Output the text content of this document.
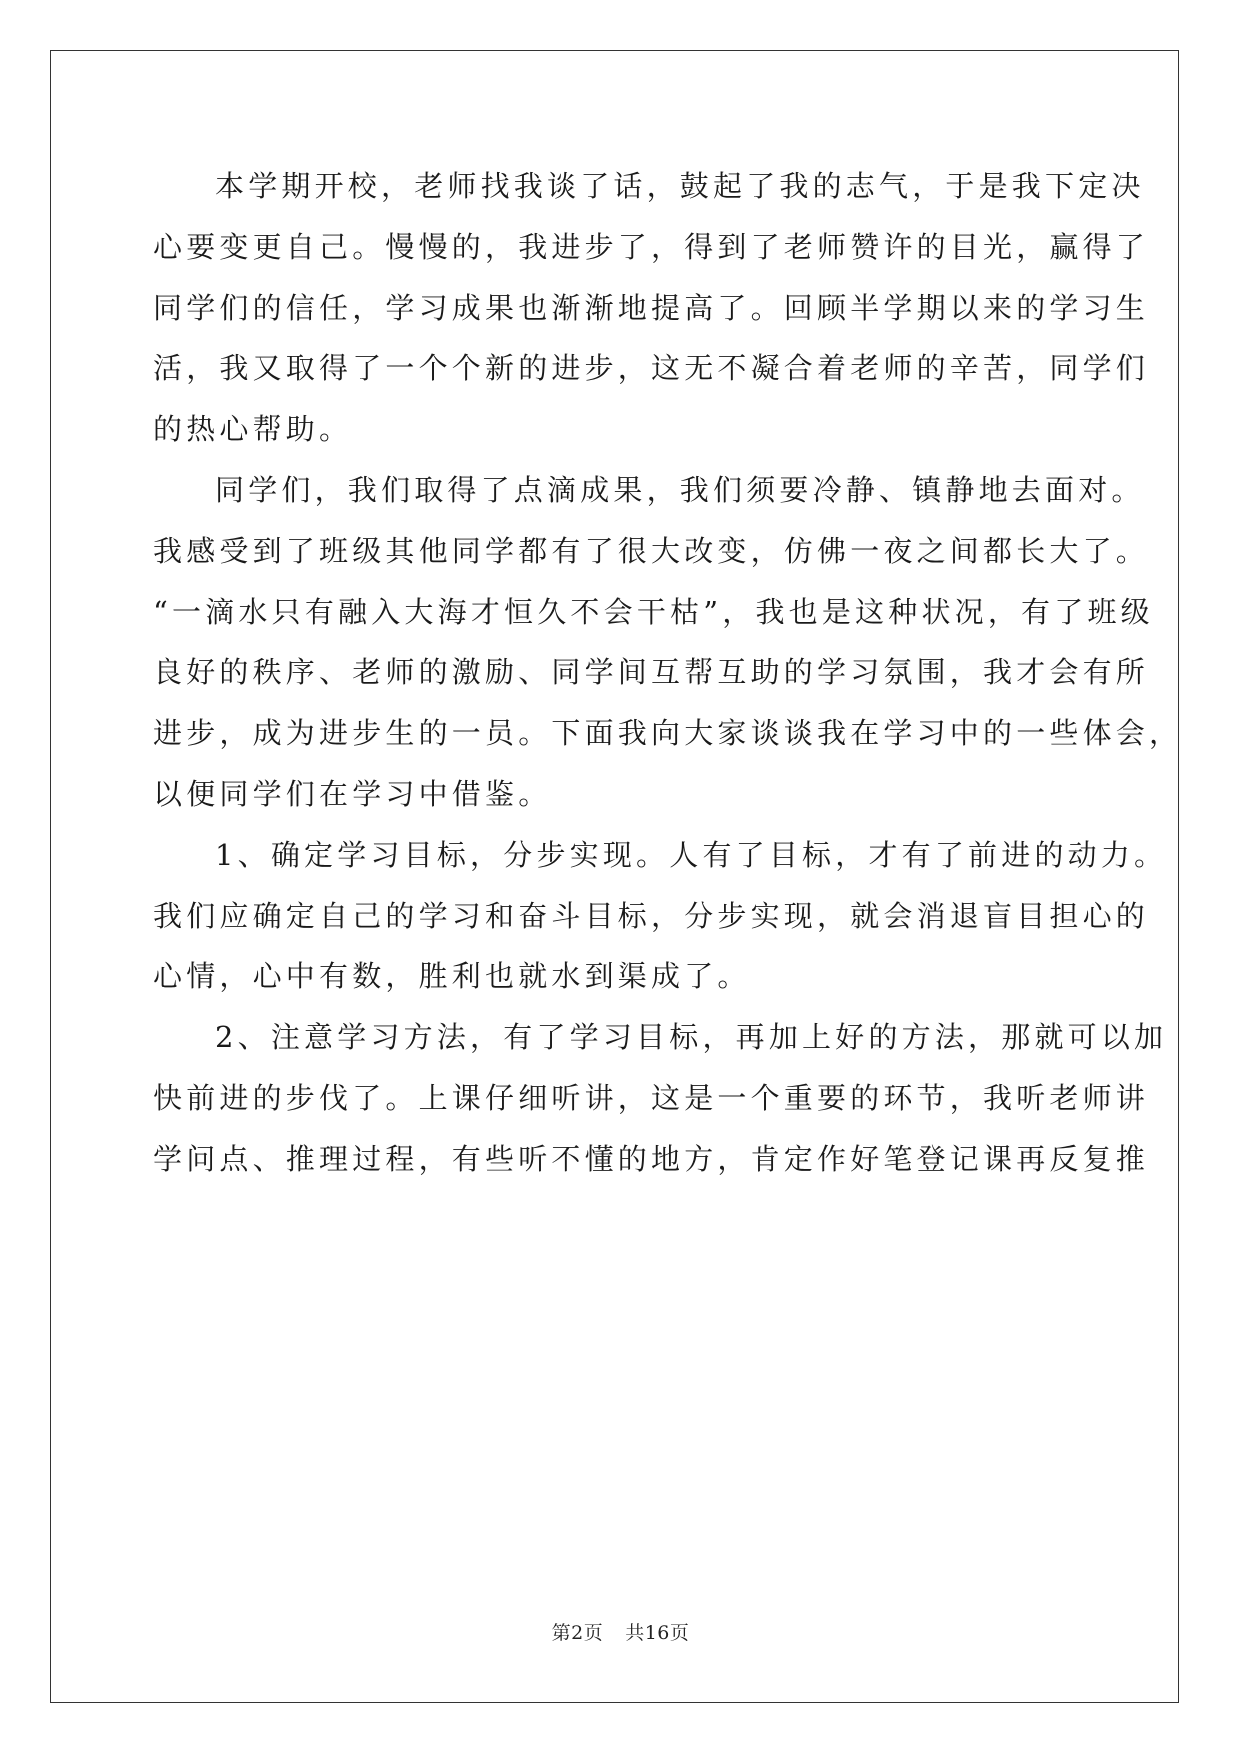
本学期开校，老师找我谈了话，鼓起了我的志气，于是我下定决
心要变更自己。慢慢的，我进步了，得到了老师赞许的目光，赢得了
同学们的信任，学习成果也渐渐地提高了。回顾半学期以来的学习生
活，我又取得了一个个新的进步，这无不凝合着老师的辛苦，同学们
的热心帮助。
同学们，我们取得了点滴成果，我们须要冷静、镇静地去面对。
我感受到了班级其他同学都有了很大改变，仿佛一夜之间都长大了。
“一滴水只有融入大海才恒久不会干枯”，我也是这种状况，有了班级
良好的秩序、老师的激励、同学间互帮互助的学习氛围，我才会有所
进步，成为进步生的一员。下面我向大家谈谈我在学习中的一些体会，
以便同学们在学习中借鉴。
1、确定学习目标，分步实现。人有了目标，才有了前进的动力。
我们应确定自己的学习和奋斗目标，分步实现，就会消退盲目担心的
心情，心中有数，胜利也就水到渠成了。
2、注意学习方法，有了学习目标，再加上好的方法，那就可以加
快前进的步伐了。上课仔细听讲，这是一个重要的环节，我听老师讲
学问点、推理过程，有些听不懂的地方，肯定作好笔登记课再反复推
第2页 共16页
